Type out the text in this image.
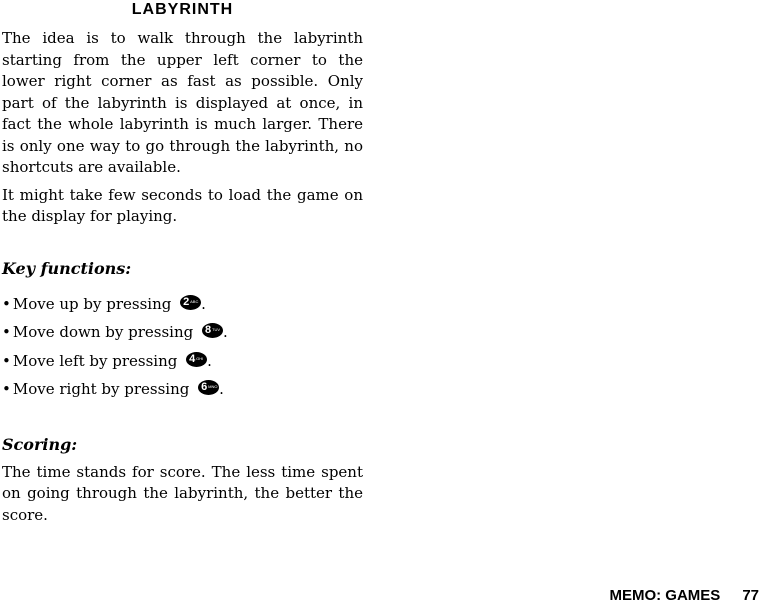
LABYRINTH

The idea is to walk through the labyrinth starting from the upper left corner to the lower right corner as fast as possible. Only part of the labyrinth is displayed at once, in fact the whole labyrinth is much larger. There is only one way to go through the labyrinth, no shortcuts are available.

It might take few seconds to load the game on the display for playing.

Key functions:
• Move up by pressing 2 ABC .
• Move down by pressing 8 TUV .
• Move left by pressing 4 GHI .
• Move right by pressing 6 MNO .
Scoring:

The time stands for score. The less time spent on going through the labyrinth, the better the score.

MEMO: GAMES 77
